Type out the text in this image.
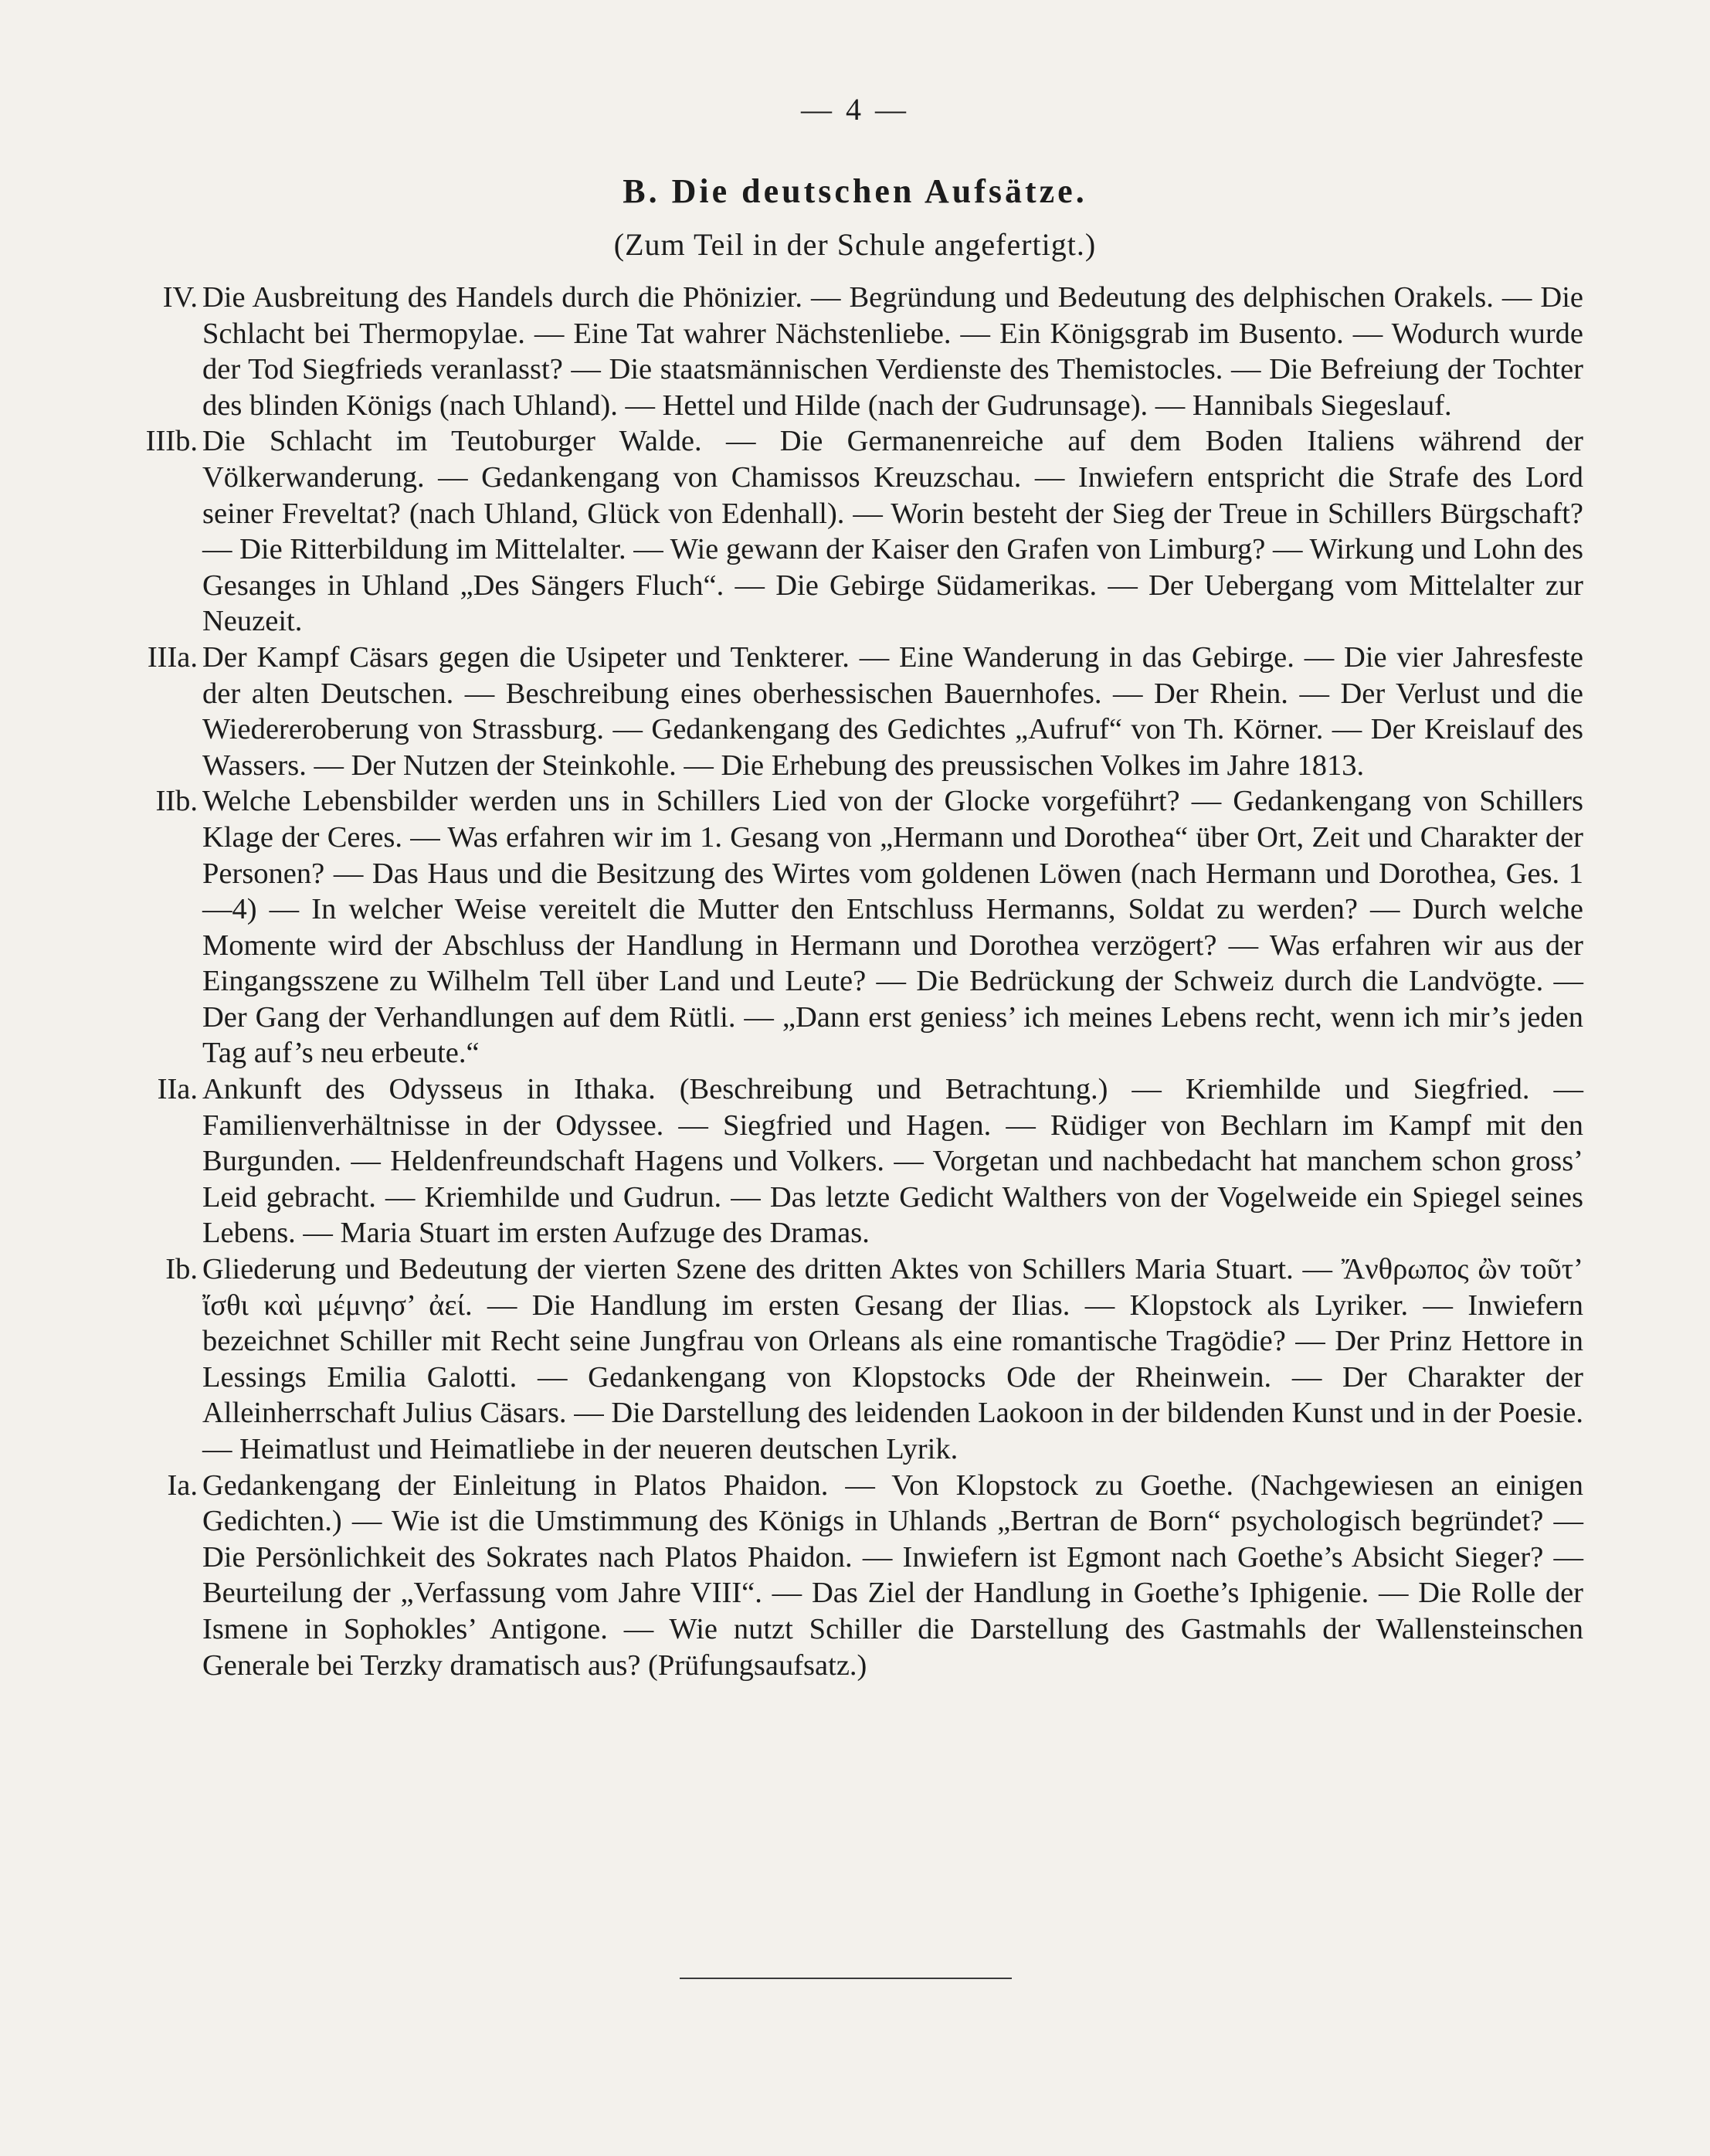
— 4 —
B. Die deutschen Aufsätze.
(Zum Teil in der Schule angefertigt.)
IV. Die Ausbreitung des Handels durch die Phönizier. — Begründung und Bedeutung des delphischen Orakels. — Die Schlacht bei Thermopylae. — Eine Tat wahrer Nächstenliebe. — Ein Königsgrab im Busento. — Wodurch wurde der Tod Siegfrieds veranlasst? — Die staatsmännischen Verdienste des Themistocles. — Die Befreiung der Tochter des blinden Königs (nach Uhland). — Hettel und Hilde (nach der Gudrunsage). — Hannibals Siegeslauf.
IIIb. Die Schlacht im Teutoburger Walde. — Die Germanenreiche auf dem Boden Italiens während der Völkerwanderung. — Gedankengang von Chamissos Kreuzschau. — Inwiefern entspricht die Strafe des Lord seiner Freveltat? (nach Uhland, Glück von Edenhall). — Worin besteht der Sieg der Treue in Schillers Bürgschaft? — Die Ritterbildung im Mittelalter. — Wie gewann der Kaiser den Grafen von Limburg? — Wirkung und Lohn des Gesanges in Uhland „Des Sängers Fluch“. — Die Gebirge Südamerikas. — Der Uebergang vom Mittelalter zur Neuzeit.
IIIa. Der Kampf Cäsars gegen die Usipeter und Tenkterer. — Eine Wanderung in das Gebirge. — Die vier Jahresfeste der alten Deutschen. — Beschreibung eines oberhessischen Bauernhofes. — Der Rhein. — Der Verlust und die Wiedereroberung von Strassburg. — Gedankengang des Gedichtes „Aufruf“ von Th. Körner. — Der Kreislauf des Wassers. — Der Nutzen der Steinkohle. — Die Erhebung des preussischen Volkes im Jahre 1813.
IIb. Welche Lebensbilder werden uns in Schillers Lied von der Glocke vorgeführt? — Gedankengang von Schillers Klage der Ceres. — Was erfahren wir im 1. Gesang von „Hermann und Dorothea“ über Ort, Zeit und Charakter der Personen? — Das Haus und die Besitzung des Wirtes vom goldenen Löwen (nach Hermann und Dorothea, Ges. 1—4) — In welcher Weise vereitelt die Mutter den Entschluss Hermanns, Soldat zu werden? — Durch welche Momente wird der Abschluss der Handlung in Hermann und Dorothea verzögert? — Was erfahren wir aus der Eingangsszene zu Wilhelm Tell über Land und Leute? — Die Bedrückung der Schweiz durch die Landvögte. — Der Gang der Verhandlungen auf dem Rütli. — „Dann erst geniess’ ich meines Lebens recht, wenn ich mir’s jeden Tag auf’s neu erbeute.“
IIa. Ankunft des Odysseus in Ithaka. (Beschreibung und Betrachtung.) — Kriemhilde und Siegfried. — Familienverhältnisse in der Odyssee. — Siegfried und Hagen. — Rüdiger von Bechlarn im Kampf mit den Burgunden. — Heldenfreundschaft Hagens und Volkers. — Vorgetan und nachbedacht hat manchem schon gross’ Leid gebracht. — Kriemhilde und Gudrun. — Das letzte Gedicht Walthers von der Vogelweide ein Spiegel seines Lebens. — Maria Stuart im ersten Aufzuge des Dramas.
Ib. Gliederung und Bedeutung der vierten Szene des dritten Aktes von Schillers Maria Stuart. — Ἄνθρωπος ὢν τοῦτ’ ἴσθι καὶ μέμνησ’ ἀεί. — Die Handlung im ersten Gesang der Ilias. — Klopstock als Lyriker. — Inwiefern bezeichnet Schiller mit Recht seine Jungfrau von Orleans als eine romantische Tragödie? — Der Prinz Hettore in Lessings Emilia Galotti. — Gedankengang von Klopstocks Ode der Rheinwein. — Der Charakter der Alleinherrschaft Julius Cäsars. — Die Darstellung des leidenden Laokoon in der bildenden Kunst und in der Poesie. — Heimatlust und Heimatliebe in der neueren deutschen Lyrik.
Ia. Gedankengang der Einleitung in Platos Phaidon. — Von Klopstock zu Goethe. (Nachgewiesen an einigen Gedichten.) — Wie ist die Umstimmung des Königs in Uhlands „Bertran de Born“ psychologisch begründet? — Die Persönlichkeit des Sokrates nach Platos Phaidon. — Inwiefern ist Egmont nach Goethe’s Absicht Sieger? — Beurteilung der „Verfassung vom Jahre VIII“. — Das Ziel der Handlung in Goethe’s Iphigenie. — Die Rolle der Ismene in Sophokles’ Antigone. — Wie nutzt Schiller die Darstellung des Gastmahls der Wallensteinschen Generale bei Terzky dramatisch aus? (Prüfungsaufsatz.)
